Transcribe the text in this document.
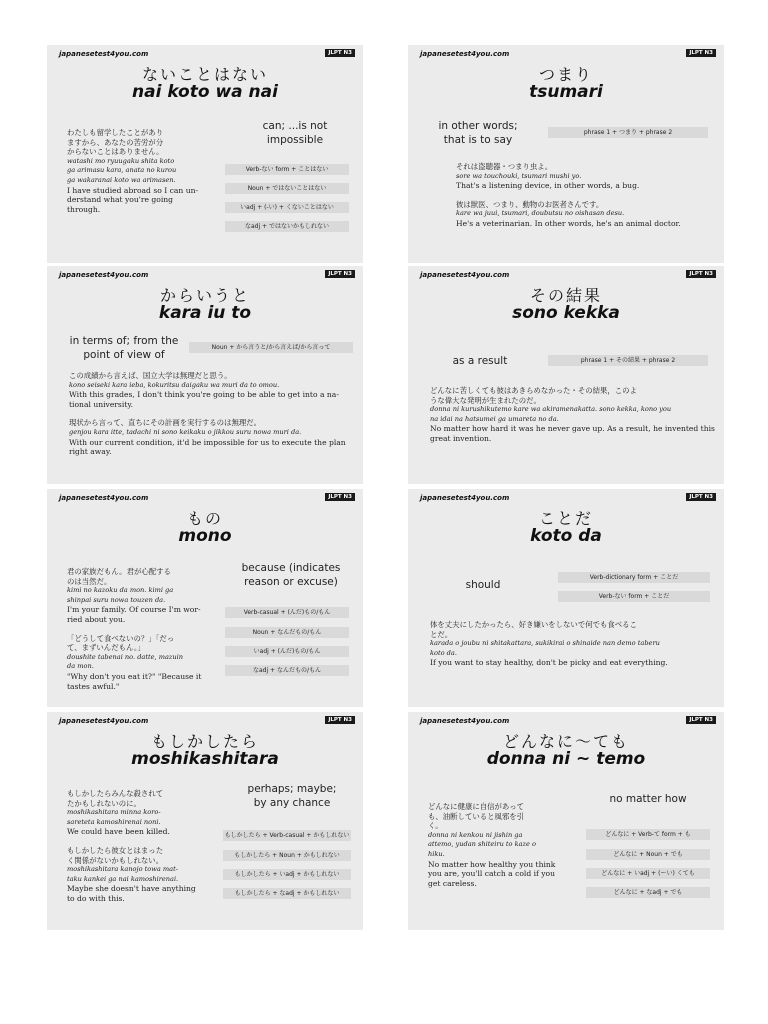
japanesetest4you.com	JLPT N3
ないことはない
nai koto wa nai
can; ...is not
impossible
Verb-ない form + ことはない
Noun + ではないことはない
いadj + (-い) + くないことはない
なadj + ではないかもしれない
わたしも留学したことがあり
ますから、あなたの苦労が分
からないことはありません。
watashi mo ryuugaku shita koto
ga arimasu kara, anata no kurou
ga wakaranai koto wa arimasen.
I have studied abroad so I can un-
derstand what you're going
through.
japanesetest4you.com	JLPT N3
つまり
tsumari
in other words;
that is to say
phrase 1 + つまり + phrase 2
それは盗聴器・つまり虫よ。
sore wa touchouki, tsumari mushi yo.
That's a listening device, in other words, a bug.
彼は獣医、つまり、動物のお医者さんです。
kare wa juui, tsumari, doubutsu no oishasan desu.
He's a veterinarian. In other words, he's an animal doctor.
japanesetest4you.com	JLPT N3
からいうと
kara iu to
in terms of; from the
point of view of
Noun + から言うと/から言えば/から言って
この成績から言えば、国立大学は無理だと思う。
kono seiseki kara ieba, kokuritsu daigaku wa muri da to omou.
With this grades, I don't think you're going to be able to get into a na-
tional university.
現状から言って、直ちにその計画を実行するのは無理だ。
genjou kara itte, tadachi ni sono keikaku o jikkou suru nowa muri da.
With our current condition, it'd be impossible for us to execute the plan
right away.
japanesetest4you.com	JLPT N3
その結果
sono kekka
as a result	phrase 1 + その結果 + phrase 2
どんなに苦しくても彼はあきらめなかった・その結果，このよ
うな偉大な発明が生まれたのだ。
donna ni kurushikutemo kare wa akiramenakatta. sono kekka, kono you
na idai na hatsumei ga umareta no da.
No matter how hard it was he never gave up. As a result, he invented this
great invention.
japanesetest4you.com	JLPT N3
もの
mono
because (indicates
reason or excuse)
Verb-casual + (んだ)もの/もん
Noun + なんだもの/もん
いadj + (んだ)もの/もん
なadj + なんだもの/もん
君の家族だもん。君が心配する
のは当然だ。
kimi no kazoku da mon. kimi ga
shinpai suru nowa touzen da.
I'm your family. Of course I'm wor-
ried about you.
「どうして食べないの？」「だっ
て、まずいんだもん。」
doushite tabenai no. datte, mazuin
da mon.
"Why don't you eat it?" "Because it
tastes awful."
japanesetest4you.com	JLPT N3
ことだ
koto da
should
Verb-dictionary form + ことだ
Verb-ない form + ことだ
体を丈夫にしたかったら、好き嫌いをしないで何でも食べるこ
とだ。
karada o joubu ni shitakattara, sukikirai o shinaide nan demo taberu
koto da.
If you want to stay healthy, don't be picky and eat everything.
japanesetest4you.com	JLPT N3
もしかしたら
moshikashitara
perhaps; maybe;
by any chance
もしかしたら + Verb-casual + かもしれない
もしかしたら + Noun + かもしれない
もしかしたら + いadj + かもしれない
もしかしたら + なadj + かもしれない
もしかしたらみんな殺されて
たかもしれないのに。
moshikashitara minna koro-
sareteta kamoshirenai noni.
We could have been killed.
もしかしたら彼女とはまった
く関係がないかもしれない。
moshikashitara kanojo towa mat-
taku kankei ga nai kamoshirenai.
Maybe she doesn't have anything
to do with this.
japanesetest4you.com	JLPT N3
どんなに〜ても
donna ni ~ temo
no matter how
どんなに + Verb-て form + も
どんなに + Noun + でも
どんなに + いadj + (ーい) くても
どんなに + なadj + でも
どんなに健康に自信があって
も、油断していると風邪を引
く。
donna ni kenkou ni jishin ga
attemo, yudan shiteiru to kaze o
hiku.
No matter how healthy you think
you are, you'll catch a cold if you
get careless.
